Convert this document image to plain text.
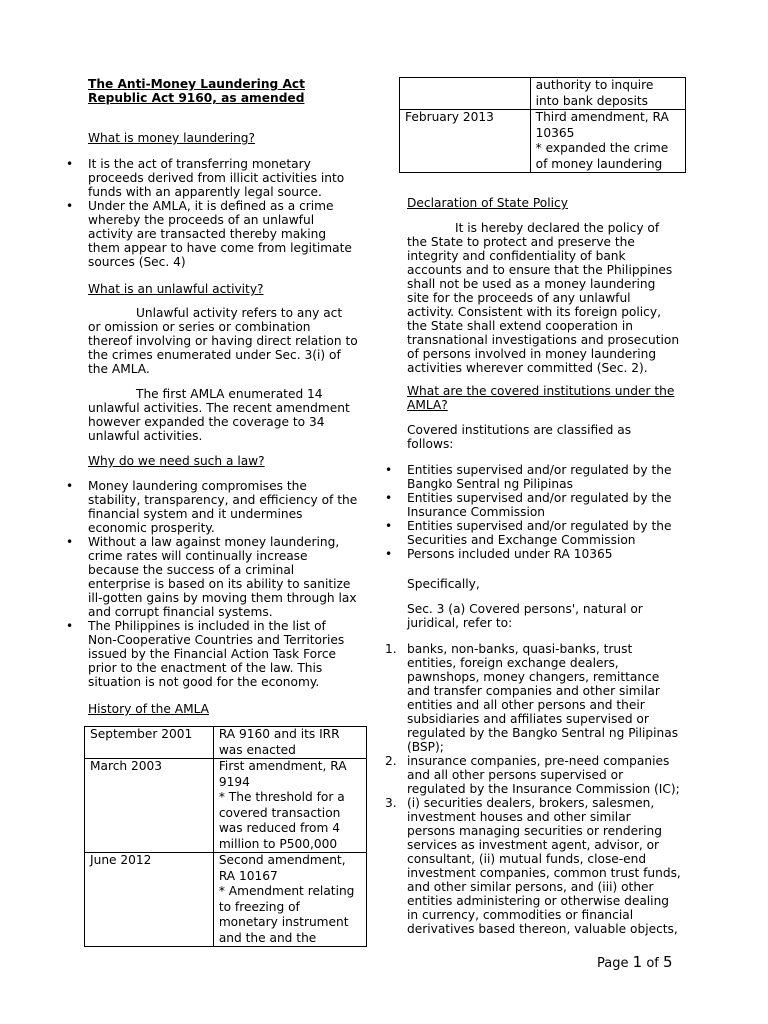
The Anti-Money Laundering Act
Republic Act 9160, as amended
What is money laundering?
• It is the act of transferring monetary proceeds derived from illicit activities into funds with an apparently legal source.
• Under the AMLA, it is defined as a crime whereby the proceeds of an unlawful activity are transacted thereby making them appear to have come from legitimate sources (Sec. 4)
What is an unlawful activity?
Unlawful activity refers to any act or omission or series or combination thereof involving or having direct relation to the crimes enumerated under Sec. 3(i) of the AMLA.
The first AMLA enumerated 14 unlawful activities. The recent amendment however expanded the coverage to 34 unlawful activities.
Why do we need such a law?
• Money laundering compromises the stability, transparency, and efficiency of the financial system and it undermines economic prosperity.
• Without a law against money laundering, crime rates will continually increase because the success of a criminal enterprise is based on its ability to sanitize ill-gotten gains by moving them through lax and corrupt financial systems.
• The Philippines is included in the list of Non-Cooperative Countries and Territories issued by the Financial Action Task Force prior to the enactment of the law. This situation is not good for the economy.
History of the AMLA
September 2001	RA 9160 and its IRR was enacted
March 2003	First amendment, RA 9194
* The threshold for a covered transaction was reduced from 4 million to P500,000
June 2012	Second amendment, RA 10167
* Amendment relating to freezing of monetary instrument and the and the
	authority to inquire into bank deposits
February 2013	Third amendment, RA 10365
* expanded the crime of money laundering
Declaration of State Policy
It is hereby declared the policy of the State to protect and preserve the integrity and confidentiality of bank accounts and to ensure that the Philippines shall not be used as a money laundering site for the proceeds of any unlawful activity. Consistent with its foreign policy, the State shall extend cooperation in transnational investigations and prosecution of persons involved in money laundering activities wherever committed (Sec. 2).
What are the covered institutions under the AMLA?
Covered institutions are classified as follows:
• Entities supervised and/or regulated by the Bangko Sentral ng Pilipinas
• Entities supervised and/or regulated by the Insurance Commission
• Entities supervised and/or regulated by the Securities and Exchange Commission
• Persons included under RA 10365
Specifically,
Sec. 3 (a) Covered persons', natural or juridical, refer to:
1. banks, non-banks, quasi-banks, trust entities, foreign exchange dealers, pawnshops, money changers, remittance and transfer companies and other similar entities and all other persons and their subsidiaries and affiliates supervised or regulated by the Bangko Sentral ng Pilipinas (BSP);
2. insurance companies, pre-need companies and all other persons supervised or regulated by the Insurance Commission (IC);
3. (i) securities dealers, brokers, salesmen, investment houses and other similar persons managing securities or rendering services as investment agent, advisor, or consultant, (ii) mutual funds, close-end investment companies, common trust funds, and other similar persons, and (iii) other entities administering or otherwise dealing in currency, commodities or financial derivatives based thereon, valuable objects,
Page 1 of 5
